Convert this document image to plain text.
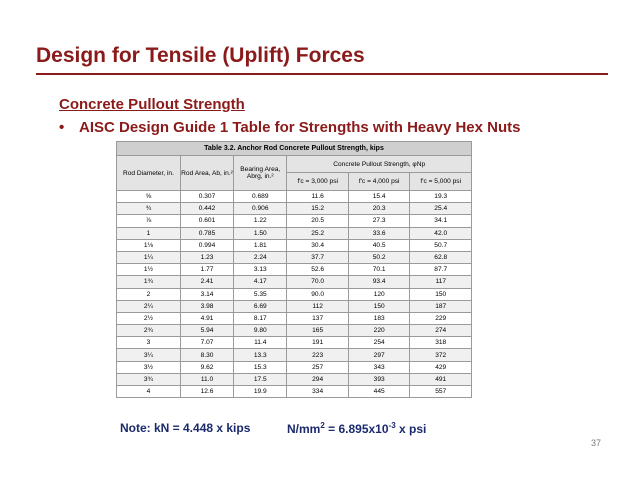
Design for Tensile (Uplift) Forces
Concrete Pullout Strength
• AISC Design Guide 1 Table for Strengths with Heavy Hex Nuts
Table 3.2. Anchor Rod Concrete Pullout Strength, kips					
Rod Diameter, in.	Rod Area, Ab, in.²	Bearing Area, Abrg, in.²	Concrete Pullout Strength, φNp		
			f'c = 3,000 psi	f'c = 4,000 psi	f'c = 5,000 psi
⅝	0.307	0.689	11.6	15.4	19.3
¾	0.442	0.906	15.2	20.3	25.4
⅞	0.601	1.22	20.5	27.3	34.1
1	0.785	1.50	25.2	33.6	42.0
1⅛	0.994	1.81	30.4	40.5	50.7
1¼	1.23	2.24	37.7	50.2	62.8
1½	1.77	3.13	52.6	70.1	87.7
1¾	2.41	4.17	70.0	93.4	117
2	3.14	5.35	90.0	120	150
2¼	3.98	6.69	112	150	187
2½	4.91	8.17	137	183	229
2¾	5.94	9.80	165	220	274
3	7.07	11.4	191	254	318
3¼	8.30	13.3	223	297	372
3½	9.62	15.3	257	343	429
3¾	11.0	17.5	294	393	491
4	12.6	19.9	334	445	557
Note: kN = 4.448 x kips	$N/mm^2 = 6.895x10^{-3}$ x psi
37
